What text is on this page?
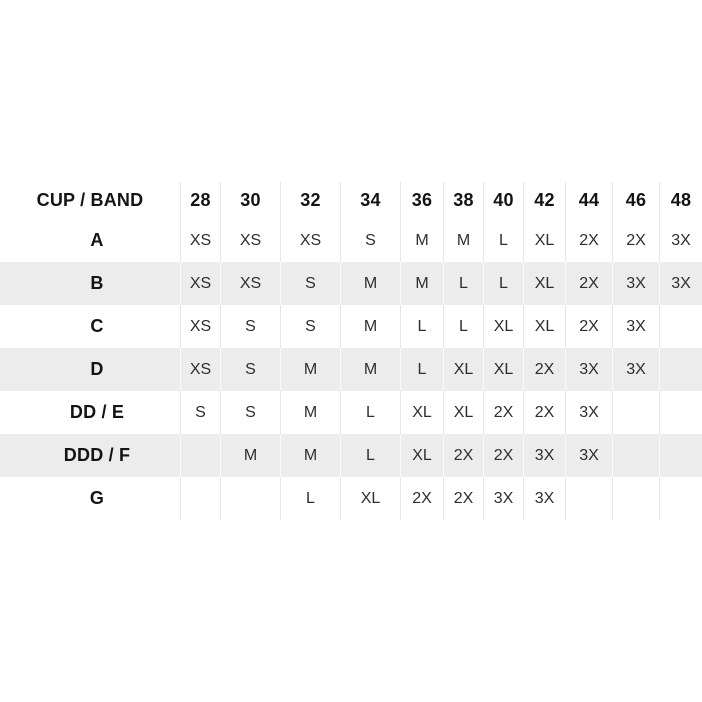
CUP / BAND	28	30	32	34	36	38	40	42	44	46	48
A	XS	XS	XS	S	M	M	L	XL	2X	2X	3X
B	XS	XS	S	M	M	L	L	XL	2X	3X	3X
C	XS	S	S	M	L	L	XL	XL	2X	3X	
D	XS	S	M	M	L	XL	XL	2X	3X	3X	
DD / E	S	S	M	L	XL	XL	2X	2X	3X		
DDD / F		M	M	L	XL	2X	2X	3X	3X		
G			L	XL	2X	2X	3X	3X			
